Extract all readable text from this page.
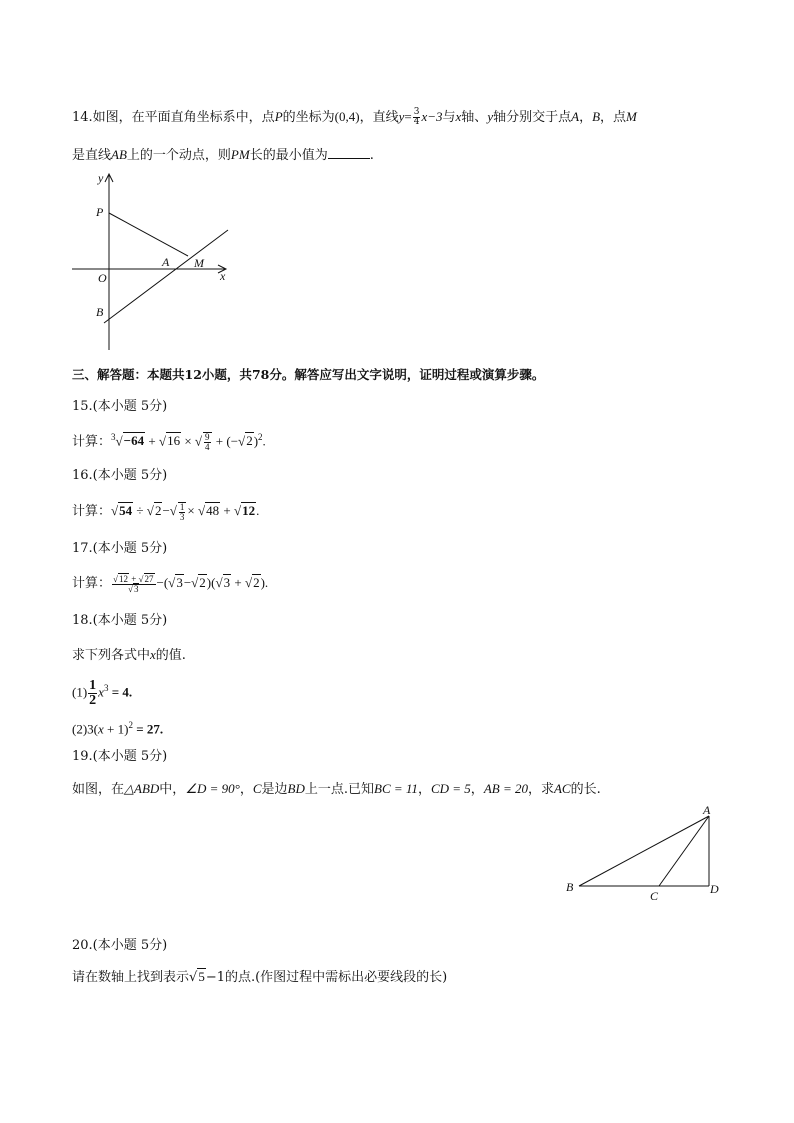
14.如图，在平面直角坐标系中，点P的坐标为(0,4)，直线$y= \frac{3}{4} x-3$与x轴、y轴分别交于点A，B，点M
是直线AB上的一个动点，则PM长的最小值为	.
y
x
P
A M
O
B
三、解答题：本题共12小题，共78分。解答应写出文字说明，证明过程或演算步骤。
15.(本小题 5分)
计算：$^3$√−64 + √16 × √ $\frac{9}{4} + (-√2)^2$.
16.(本小题 5分)
计算：$√54 \div √2-√ \frac{1}{3} \times √48 + √12$.
17.(本小题 5分)
计算： $\frac{√12 + √27}{√3} -(√3-√2)(√3 + √2)$.
18.(本小题 5分)
求下列各式中x的值.
$(1) \frac{1}{2} x^3 = 4$.
$(2)3(x + 1)^2 = 27$.
19.(本小题 5分)
如图，在△ABD中，∠D = 90°，C是边BD上一点.已知BC = 11，CD = 5，AB = 20，求AC的长.
A
B
C	D
20.(本小题 5分)
请在数轴上找到表示√5−1的点.(作图过程中需标出必要线段的长)
